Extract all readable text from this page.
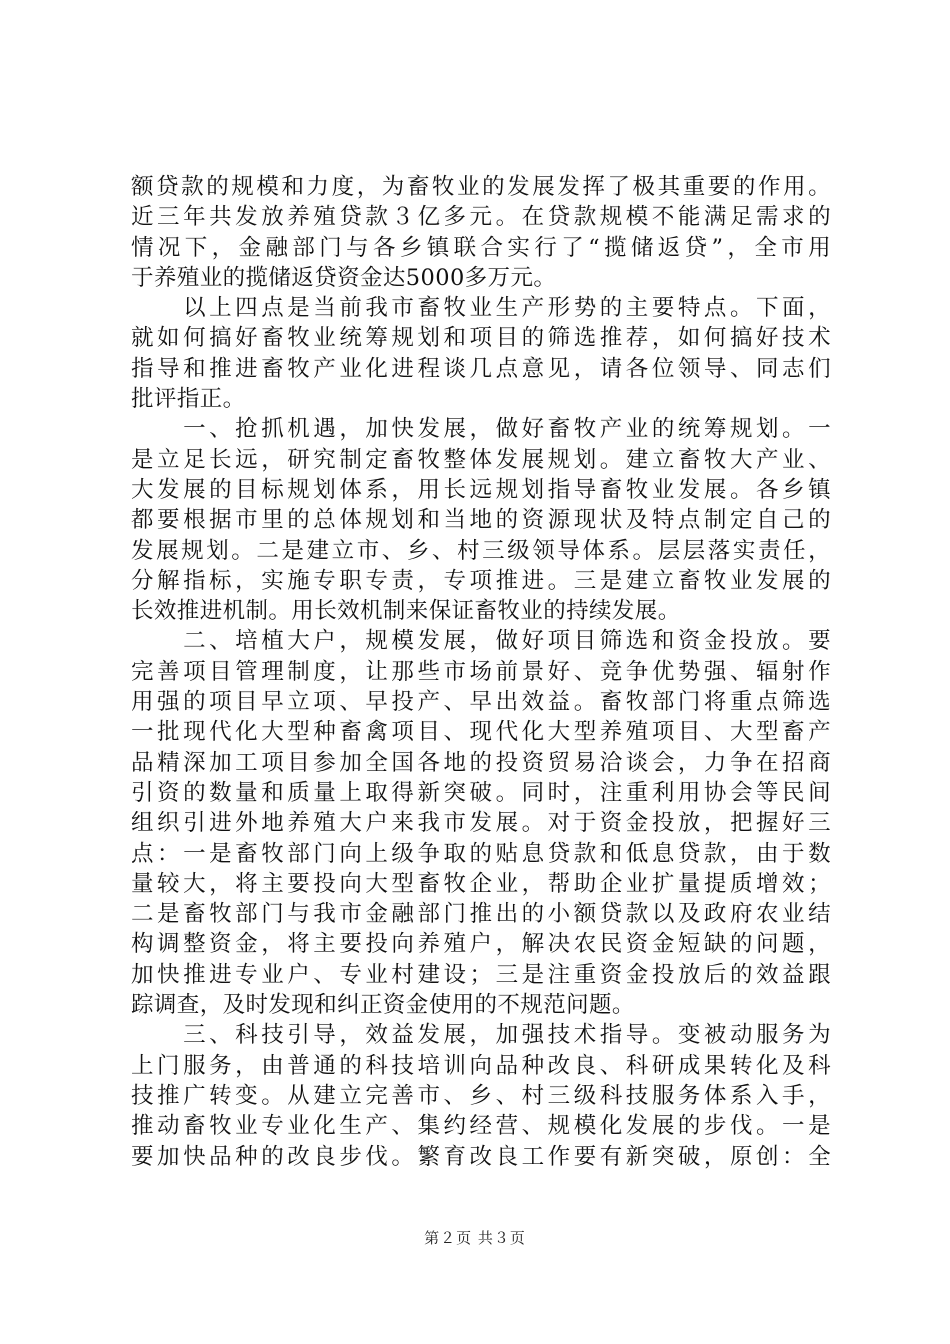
额贷款的规模和力度，为畜牧业的发展发挥了极其重要的作用。
近三年共发放养殖贷款３亿多元。在贷款规模不能满足需求的
情况下，金融部门与各乡镇联合实行了“揽储返贷”，全市用
于养殖业的揽储返贷资金达5000多万元。
　　以上四点是当前我市畜牧业生产形势的主要特点。下面，
就如何搞好畜牧业统筹规划和项目的筛选推荐，如何搞好技术
指导和推进畜牧产业化进程谈几点意见，请各位领导、同志们
批评指正。
　　一、抢抓机遇，加快发展，做好畜牧产业的统筹规划。一
是立足长远，研究制定畜牧整体发展规划。建立畜牧大产业、
大发展的目标规划体系，用长远规划指导畜牧业发展。各乡镇
都要根据市里的总体规划和当地的资源现状及特点制定自己的
发展规划。二是建立市、乡、村三级领导体系。层层落实责任，
分解指标，实施专职专责，专项推进。三是建立畜牧业发展的
长效推进机制。用长效机制来保证畜牧业的持续发展。
　　二、培植大户，规模发展，做好项目筛选和资金投放。要
完善项目管理制度，让那些市场前景好、竞争优势强、辐射作
用强的项目早立项、早投产、早出效益。畜牧部门将重点筛选
一批现代化大型种畜禽项目、现代化大型养殖项目、大型畜产
品精深加工项目参加全国各地的投资贸易洽谈会，力争在招商
引资的数量和质量上取得新突破。同时，注重利用协会等民间
组织引进外地养殖大户来我市发展。对于资金投放，把握好三
点：一是畜牧部门向上级争取的贴息贷款和低息贷款，由于数
量较大，将主要投向大型畜牧企业，帮助企业扩量提质增效；
二是畜牧部门与我市金融部门推出的小额贷款以及政府农业结
构调整资金，将主要投向养殖户，解决农民资金短缺的问题，
加快推进专业户、专业村建设；三是注重资金投放后的效益跟
踪调查，及时发现和纠正资金使用的不规范问题。
　　三、科技引导，效益发展，加强技术指导。变被动服务为
上门服务，由普通的科技培训向品种改良、科研成果转化及科
技推广转变。从建立完善市、乡、村三级科技服务体系入手，
推动畜牧业专业化生产、集约经营、规模化发展的步伐。一是
要加快品种的改良步伐。繁育改良工作要有新突破，原创：全
第２页 共３页
